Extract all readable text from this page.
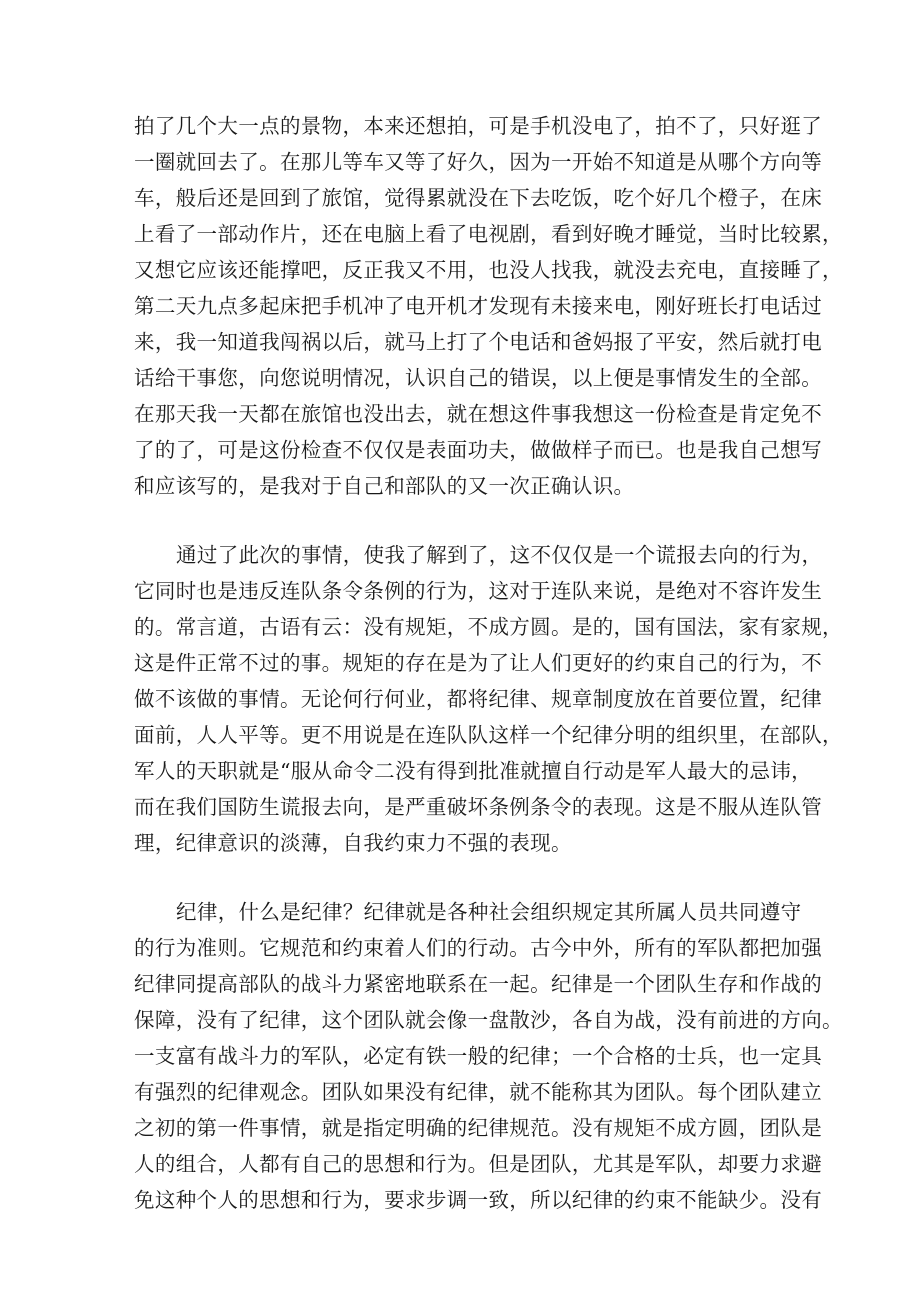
拍了几个大一点的景物，本来还想拍，可是手机没电了，拍不了，只好逛了
一圈就回去了。在那儿等车又等了好久，因为一开始不知道是从哪个方向等
车，般后还是回到了旅馆，觉得累就没在下去吃饭，吃个好几个橙子，在床
上看了一部动作片，还在电脑上看了电视剧，看到好晚才睡觉，当时比较累，
又想它应该还能撑吧，反正我又不用，也没人找我，就没去充电，直接睡了，
第二天九点多起床把手机冲了电开机才发现有未接来电，刚好班长打电话过
来，我一知道我闯祸以后，就马上打了个电话和爸妈报了平安，然后就打电
话给干事您，向您说明情况，认识自己的错误，以上便是事情发生的全部。
在那天我一天都在旅馆也没出去，就在想这件事我想这一份检查是肯定免不
了的了，可是这份检查不仅仅是表面功夫，做做样子而已。也是我自己想写
和应该写的，是我对于自己和部队的又一次正确认识。
通过了此次的事情，使我了解到了，这不仅仅是一个谎报去向的行为，
它同时也是违反连队条令条例的行为，这对于连队来说，是绝对不容许发生
的。常言道，古语有云：没有规矩，不成方圆。是的，国有国法，家有家规，
这是件正常不过的事。规矩的存在是为了让人们更好的约束自己的行为，不
做不该做的事情。无论何行何业，都将纪律、规章制度放在首要位置，纪律
面前，人人平等。更不用说是在连队队这样一个纪律分明的组织里，在部队，
军人的天职就是“服从命令二没有得到批准就擅自行动是军人最大的忌讳，
而在我们国防生谎报去向，是严重破坏条例条令的表现。这是不服从连队管
理，纪律意识的淡薄，自我约束力不强的表现。
纪律，什么是纪律？纪律就是各种社会组织规定其所属人员共同遵守
的行为准则。它规范和约束着人们的行动。古今中外，所有的军队都把加强
纪律同提高部队的战斗力紧密地联系在一起。纪律是一个团队生存和作战的
保障，没有了纪律，这个团队就会像一盘散沙，各自为战，没有前进的方向。
一支富有战斗力的军队，必定有铁一般的纪律；一个合格的士兵，也一定具
有强烈的纪律观念。团队如果没有纪律，就不能称其为团队。每个团队建立
之初的第一件事情，就是指定明确的纪律规范。没有规矩不成方圆，团队是
人的组合，人都有自己的思想和行为。但是团队，尤其是军队，却要力求避
免这种个人的思想和行为，要求步调一致，所以纪律的约束不能缺少。没有
